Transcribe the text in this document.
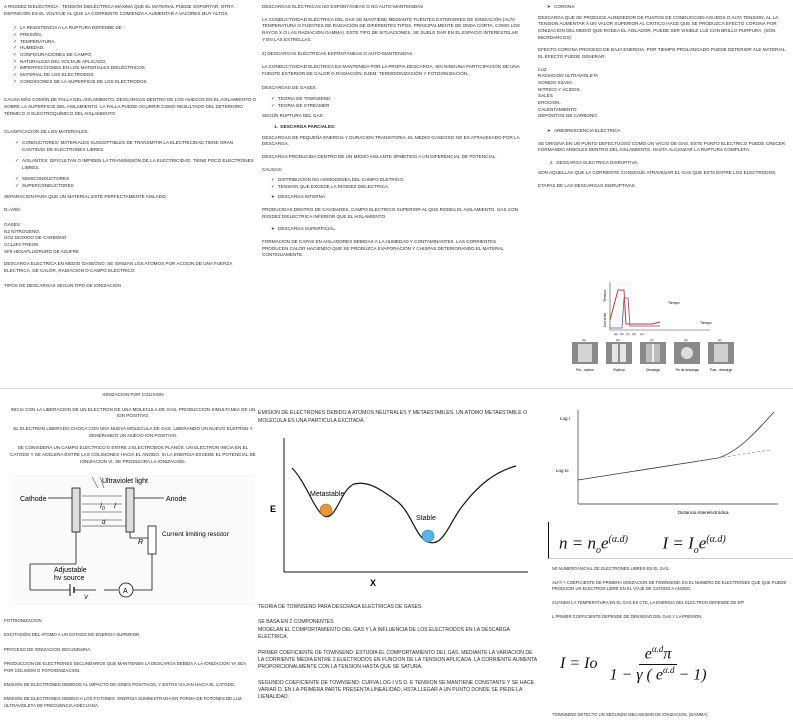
A RIGIDEZ DIELÉCTRICA : TENSIÓN DIELÉCTRICA MÁXIMA QUE EL MATERIAL PUEDE SOPORTAR. OTRA DEFINICIÓN ES EL VOLTAJE AL QUE LA CORRIENTE COMIENZA A AUMENTAR A VALORES MUY ALTOS.

✓ LA RESISTENCIA A LA RUPTURA DEPENDE DE :
✓ PRESIÓN,
✓ TEMPERATURA,
✓ HUMEDAD,
✓ CONFIGURACIONES DE CAMPO,
✓ NATURALEZA DEL VOLTAJE APLICADO,
✓ IMPERFECCIONES EN LOS MATERIALES DIELÉCTRICOS,
✓ MATERIAL DE LOS ELECTRODOS
✓ CONDICIONES DE LA SUPERFICIE DE LOS ELECTRODOS

CAUSA MÁS COMÚN DE FALLA DEL AISLAMIENTO: DESCARGAS DENTRO DE LOS HUECOS EN EL AISLAMIENTO O SOBRE LA SUPERFICIE DEL AISLAMIENTO. LA FALLA PUEDE OCURRIR COMO RESULTADO DEL DETERIORO TÉRMICO O ELECTROQUÍMICO DEL AISLAMIENTO.

CLASIFICACION DE LOS MATERIALES:

✓ CONDUCTORES: MATERIALES SUSCEPTIBLES DE TRANSMITIR LA ELECTRICIDAD,TIENE GRAN CANTIDAD DE ELECTRONES LIBRES.
✓ AISLANTES: DIFICULTAN O IMPIDEN LA TRANSMISIÓN DE LA ELECTRICIDAD. TIENE POCO ELECTRONES LIBRES.
✓ SEMICONDUCTORES
✓ SUPERCONDUCTORES

SEPARACION PARA QUE UN MATERIAL ESTE PERFECTAMENTE AISLADO:

D=V/Eb

GASES:

N2 NITROGENO.
CO2 DIOXIDO DE CARBONO
CCL2F2 FREON
SF6 HEXAFLUORURO DE AZUFRE

DESCARGA ELECTRICA EN MEDIO GASEOSO: SE IONIZAN LOS ATOMOS POR ACCION DE UNA FUERZA ELECTRICA, DE CALOR, RADIACION O CAMPO ELECTRICO.

TIPOS DE DESCARGAS SEGÚN TIPO DE IONIZACION

DESCARGAS ELÉCTRICAS NO ESPONTÁNEAS O NO AUTO-MANTENIDAS

LA CONDUCTIVIDAD ELÉCTRICA DEL GAS SE MANTIENE MEDIANTE FUENTES EXTERIORES DE IONIZACIÓN (ALTA TEMPERATURA O FUENTES DE RADIACIÓN DE DIFERENTES TIPOS, PRINCIPALMENTE DE ONDA CORTA, COMO LOS RAYOS X O LAS RADIACIÓN GAMMA). ESTE TIPO DE SITUACIONES, SE SUELE DAR EN EL ESPACIO INTERESTELAR Y EN LAS ESTRELLAS.

2) DESCARGAS ELÉCTRICAS ESPONTÁNEAS O AUTO-MANTENIDAS

LA CONDUCTIVIDAD ELÉCTRICA ES MANTENIDA POR LA PROPIA DESCARGA, SIN NINGUNA PARTICIPACIÓN DE UNA FUENTE EXTERIOR DE CALOR O RADIACIÓN. EJEM: TERMOIONIZACIÓN Y FOTOIONIZACIÓN.

DESCARGAS DE GASES:

✓ TEORIA DE TOWNSEND
✓ TEORIA DE STREAMER

SEGÚN RUPTURA DEL GAS:

1.  DESCARGA PARCIALES:

DESCARGAS DE PEQUEÑA ENERGIA Y DURACION TRANSITORIA. EL MEDIO GASEOSO NO ES ATRAVESADO POR LA DESCARGA.

DESCARGA PRODUCIDA DENTRO DE UN MEDIO AISLANTE SPMETIDO A UN DIFERENCIAL DE POTENCIAL.

CAUSAS:

✓ DISTRIBUCION NO HOMOGENEA DEL CAMPO ELETRICO.
✓ TENSION QUE EXCEDE LA RIGIDEZ DIELECTRICA.
➤ DESCARGA INTERNA:

PRODUCIDAS DENTRO DE CAVIDADES, CAMPO ELECTRICO SUPERIOR AL QUE RODEA EL AISLAMIENTO. GAS CON RIGIDEZ DIELECTRICA INFERIOR QUE EL AISLAMIENTO.

➤ DESCARGA SUPERFICIAL.

FORMACION DE CAPAS EN AISLADORES DEBIDAS A LA HUMEDAD Y CONTAMINANTES. LAS CORRIENTES PRODUCEN CALOR HACIENDO QUE SE PRODUZCA EVAPORACION Y CHISPAS DETERIORANDO EL MATERAL CONTINUAMENTE.

➤ CORONA:

DESCARGA QUE SE PRODUCE ALREDEDOR DE PUNTOS DE CONDUCCION AGUDOS O ALTA TENSION, AL LA TENSION AUMENTAR A UN VALOR SUPERIOR AL CRITICO HACE QUE SE PRODUZCA EFECTO CORONA POR IONIZACION DEL MEDIO QUE RODEA EL AISLADOR, PUEDE SER VISIBLE LUZ CON BRILLO PURPURA. (SON MICRDARCOS).

EFECTO CORONA PROCESO DE BAJA ENERGIA. POR TIEMPO PROLONGADO PUEDE DETERIOR ALE MATERIAL.

EL EFECTO PUEDE GENERAR:

LUZ
RADIACION ULTRAVIOLETA
SONIDO SILVIO
NITRICO Y ACIDOS.
SALES
EROCION.
CALENTAMIENTO
DEPOSITOS DE CARBONO.
➤ ARBORESCENCIA ELECTRICA

SE ORIGINA EN UN PUNTO DEFECTUOSO COMO UN VACIO DE GAS. ESTE PUNTO ELECTRICO PUEDE CRECER FORMANDO ARBOLES DENTRO DEL AISLAMIENTO. HASTA ALCANZAR LA RUPTURA COMPLETA.

2.  DESCARGA ELECTRICA DISRUPTIVA.

SON AQUELLAS QUE LA CORRIENTE CONSIGUE ATRAVESAR EL GAS QUE ESTA ENTRE LOS ELECTRODOS.

ETAPAS DE LAS DESCARGAS DISRUPTIVAS

Tension
Corriente
Tiempo
Tiempo
(a) (b) (c) (d) (e)
(a)	(b)	(c)	(d)	(e)
Pre - rupture	Ruptura	Descarga	Fin de descarga	Post - descarge

IONIZACION POR COLISION

INICIA CON LA LIBERACION DE UN ELECTRON DE UNA MOLECULA DE GAS, PRODUCCION SIMULTANEA DE UN ION POSITIVO.

EL ELECTRON LIBERADO CHOCA CON UNA NUEVA MOLECULA DE GAS, LIBERANDO UN NUEVO ELETRON Y GENERANDO UN NUEVO ION POSITIVO.

SE CONSIDERA UN CAMPO ELECTRICO E ENTRE 2 ELECTRODOS PLANOS. UN ELECTRON INICIA EN EL CATODO Y SE ACELERA ENTRE LAS COLISIONES HACIA EL ANODO. SI LA ENERGIA EXCEDE EL POTENCIAL DE IONIZACION VI, SE PRODUCIRA LA IONIZACION.

Ultraviolet light
Cathode	Anode
$I_0$ I
d
R
Current limiting resistor
Adjustable
hv source
V
A

EMISION DE ELECTRONES DEBIDO A ATOMOS NEUTRALES Y METAESTABLES. UN ATOMO METAESTABLE O MOLECULA ES UNA PARTICULA EXCITADA.

E
X
Metastable
Stable
Log I
Log Io
Distancia Interelectródica
$n = n_oe^{(\alpha.d)}$ $I = I_oe^{(\alpha.d)}$

N0 NUMERO INICIAL DE ELECTRONES LIBRES EN EL GAS.

ALFA ? COEFICIENTE DE PRIMERA IONIZACION DE TOWNSEND. ES EL NUMERO DE ELECTRONES QUE QUE PUEDE PRODUCIR UN ELECTRON LIBRE EN EL VIAJE DE CATODO A ANODO.

CUANDO LA TEMPERATURA EN EL GAS ES CTE, LA ENERGIA DEL ELECTRON DEPENDE DE E/P

L PRIMER COEFICIENTE DEPENDE DE DENSIDAD DEL GAS Y LA PRESION.

I = Io $\frac{e^{\alpha.d}\pi}{1 - \gamma ( e^{\alpha.d} - 1)}$

TOWNSEND DETECTO UN SEGUNDO MECANISMO DE IONIZACION. (GAMMA).

FOTOIONIZACION

EXCITADIÓN DEL ATOMO A UN ESTADO DE ENERGIA SUPERIOR.

PROCESO DE IONIZACION SECUNDARIA.

PRODUCCION DE ELECTRONES SECUNDARIOS QUE MANTIENEN LA DESCARGA DEBIDA A LA IONIZACION YA SEA POR COLISION O FOTOIONIZACION.

EMISION DE ELECTRONES DEBIDOS AL IMPACTO DE IONES POSITIVOS, Y ESTOS VIAJAN HACIA EL CATODO.

EMISION DE ELECTRONES DEBIDO A LOS FOTONES. ENERGIA SUMINISTRADA EN FORMA DE FOTONES DE LUZ ULTRAVIOLETA DE FRECUENCIA ADECUADA.

TEORIA DE TOWNSEND PARA DESCRAGA ELECTRICAS DE GASES.

SE BASA EN 2 COMPONENTES

MODELAN EL COMPORTAMIENTO DEL GAS Y LA INFLUENCIA DE LOS ELECTRODOS EN LA DESCARGA ELECTRICA.

PRIMER COEFICIENTE DE TOWNSEND: ESTUDIA EL COMPORTAMIENTO DEL GAS, MEDIANTE LA VARIACION DE LA CORRIENTE MEDIA ENTRE 2 ELECTRODOS EN FUNCION DE LA TENSION APLICADA. LA CORRIENTE AUMENTA PROPORCIONALMENTE CON LA TENSION HASTA QUE SE SATURA.

SEGUNDO COEFICIENTE DE TOWNSEND: CURVA LOG I VS D. E TENSION SE MANTIENE CONSTANTE Y SE HACE VARIAR D. EN LA PRIMERA PARTE PRESENTA LINEALIDAD, HSTA LLEGAR A UN PUNTO DONDE SE PIEDE LA LIENALIDAD.
